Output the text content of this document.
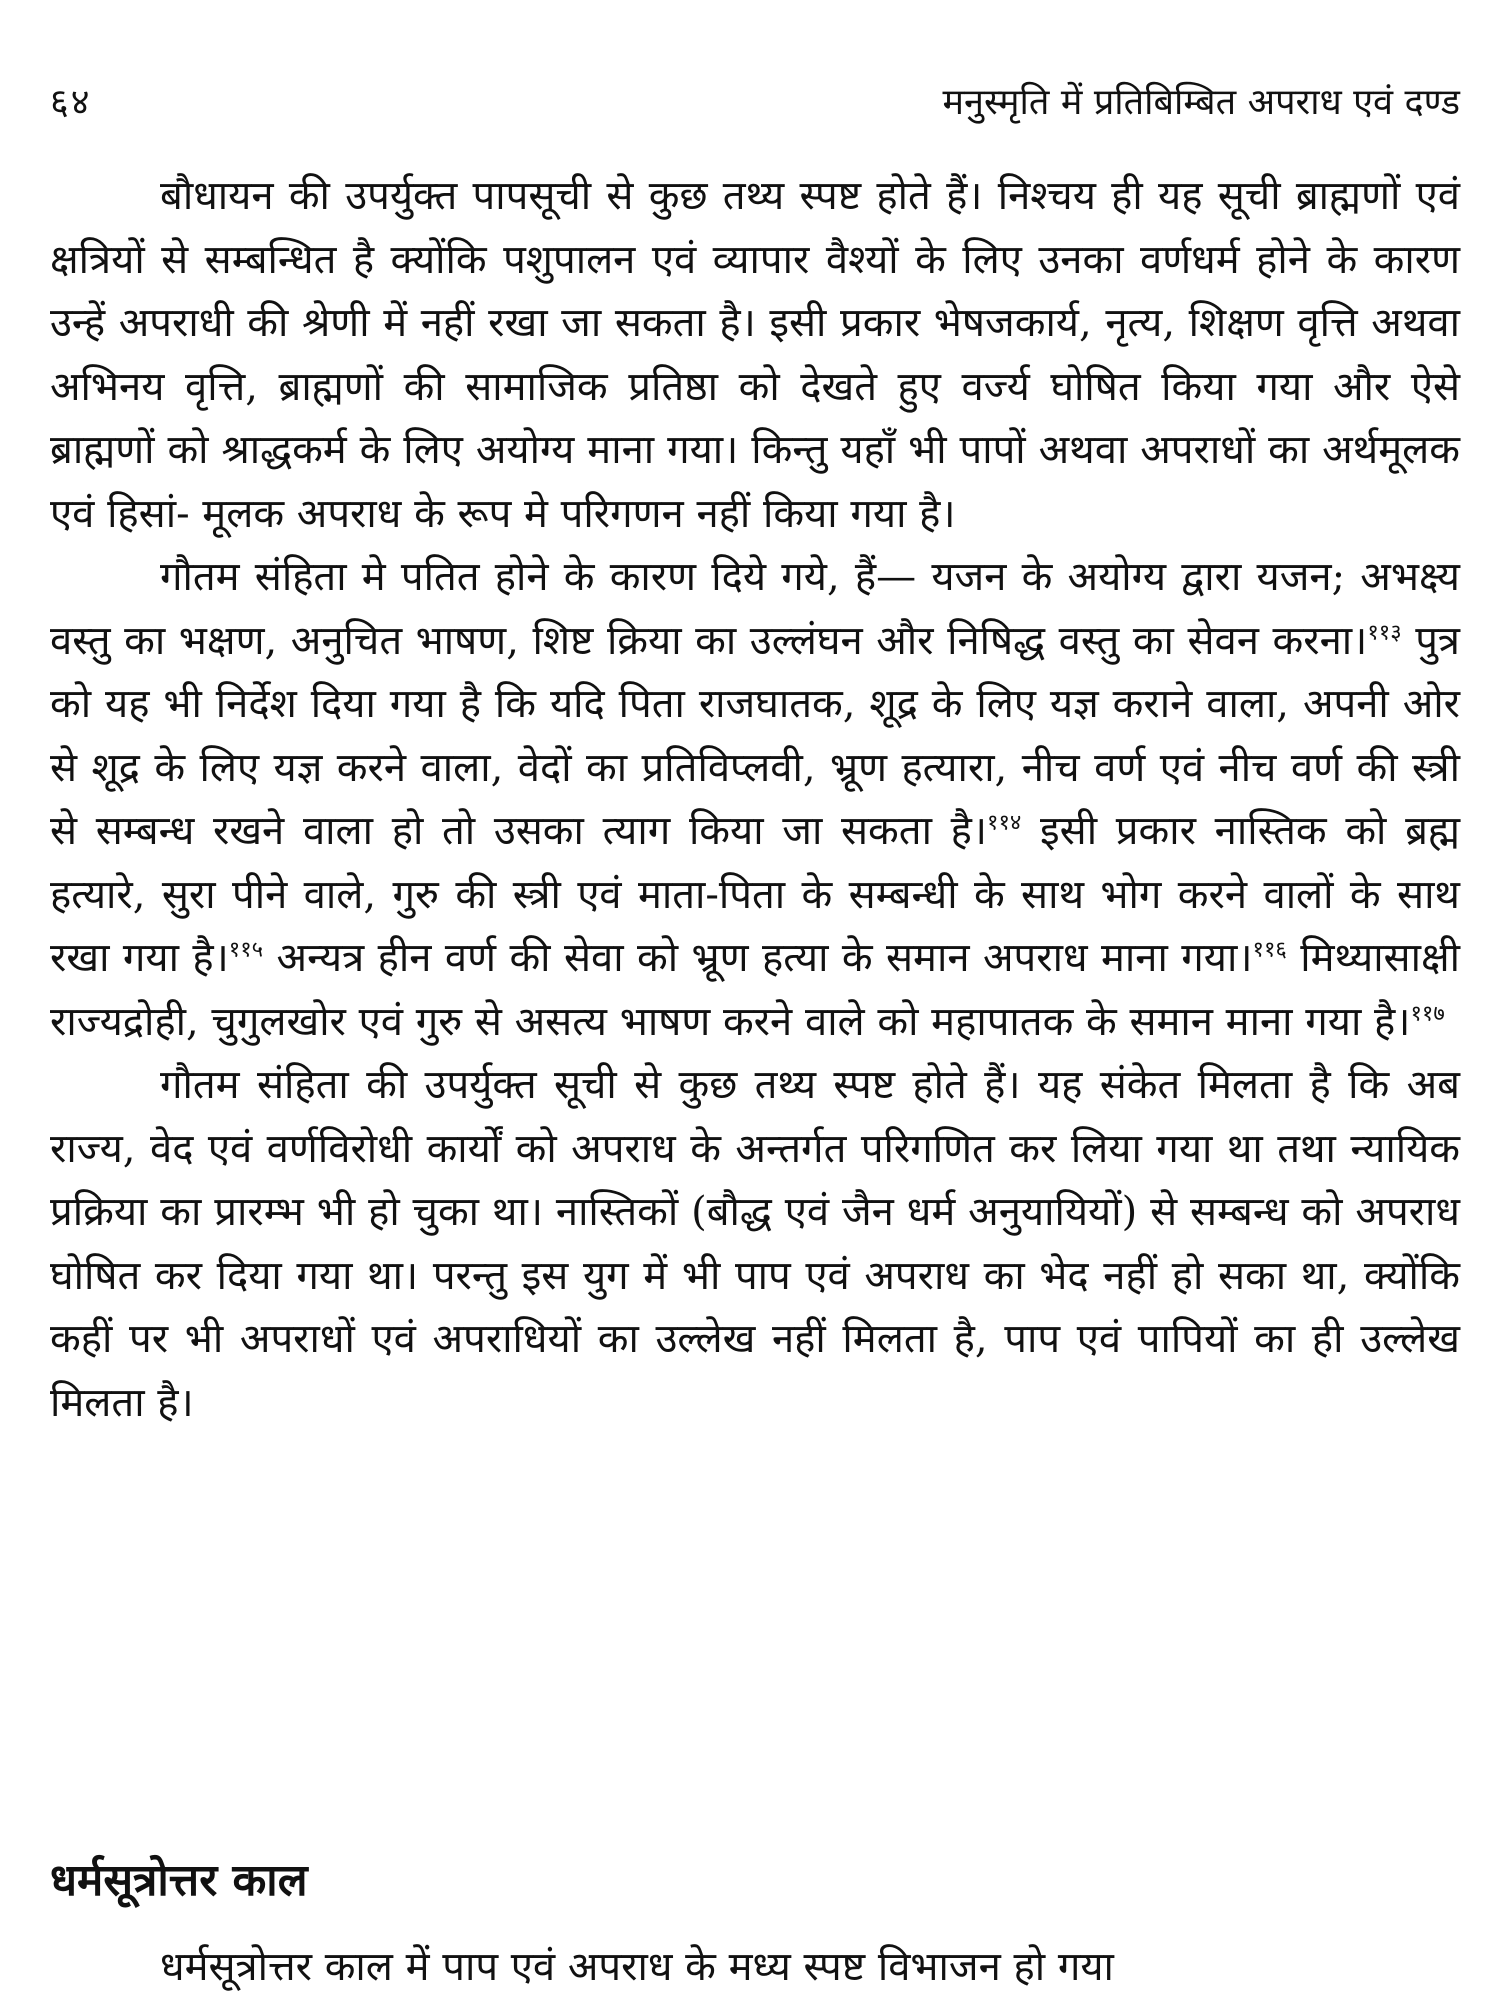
६४	मनुस्मृति में प्रतिबिम्बित अपराध एवं दण्ड

बौधायन की उपर्युक्त पापसूची से कुछ तथ्य स्पष्ट होते हैं। निश्चय ही यह सूची ब्राह्मणों एवं क्षत्रियों से सम्बन्धित है क्योंकि पशुपालन एवं व्यापार वैश्यों के लिए उनका वर्णधर्म होने के कारण उन्हें अपराधी की श्रेणी में नहीं रखा जा सकता है। इसी प्रकार भेषजकार्य, नृत्य, शिक्षण वृत्ति अथवा अभिनय वृत्ति, ब्राह्मणों की सामाजिक प्रतिष्ठा को देखते हुए वर्ज्य घोषित किया गया और ऐसे ब्राह्मणों को श्राद्धकर्म के लिए अयोग्य माना गया। किन्तु यहाँ भी पापों अथवा अपराधों का अर्थमूलक एवं हिसां- मूलक अपराध के रूप मे परिगणन नहीं किया गया है।

गौतम संहिता मे पतित होने के कारण दिये गये, हैं— यजन के अयोग्य द्वारा यजन; अभक्ष्य वस्तु का भक्षण, अनुचित भाषण, शिष्ट क्रिया का उल्लंघन और निषिद्ध वस्तु का सेवन करना।$^{११३}$ पुत्र को यह भी निर्देश दिया गया है कि यदि पिता राजघातक, शूद्र के लिए यज्ञ कराने वाला, अपनी ओर से शूद्र के लिए यज्ञ करने वाला, वेदों का प्रतिविप्लवी, भ्रूण हत्यारा, नीच वर्ण एवं नीच वर्ण की स्त्री से सम्बन्ध रखने वाला हो तो उसका त्याग किया जा सकता है।$^{११४}$ इसी प्रकार नास्तिक को ब्रह्म हत्यारे, सुरा पीने वाले, गुरु की स्त्री एवं माता-पिता के सम्बन्धी के साथ भोग करने वालों के साथ रखा गया है।$^{११५}$ अन्यत्र हीन वर्ण की सेवा को भ्रूण हत्या के समान अपराध माना गया।$^{११६}$ मिथ्यासाक्षी राज्यद्रोही, चुगुलखोर एवं गुरु से असत्य भाषण करने वाले को महापातक के समान माना गया है।$^{११७}$

गौतम संहिता की उपर्युक्त सूची से कुछ तथ्य स्पष्ट होते हैं। यह संकेत मिलता है कि अब राज्य, वेद एवं वर्णविरोधी कार्यों को अपराध के अन्तर्गत परिगणित कर लिया गया था तथा न्यायिक प्रक्रिया का प्रारम्भ भी हो चुका था। नास्तिकों (बौद्ध एवं जैन धर्म अनुयायियों) से सम्बन्ध को अपराध घोषित कर दिया गया था। परन्तु इस युग में भी पाप एवं अपराध का भेद नहीं हो सका था, क्योंकि कहीं पर भी अपराधों एवं अपराधियों का उल्लेख नहीं मिलता है, पाप एवं पापियों का ही उल्लेख मिलता है।

धर्मसूत्रोत्तर काल

धर्मसूत्रोत्तर काल में पाप एवं अपराध के मध्य स्पष्ट विभाजन हो गया
